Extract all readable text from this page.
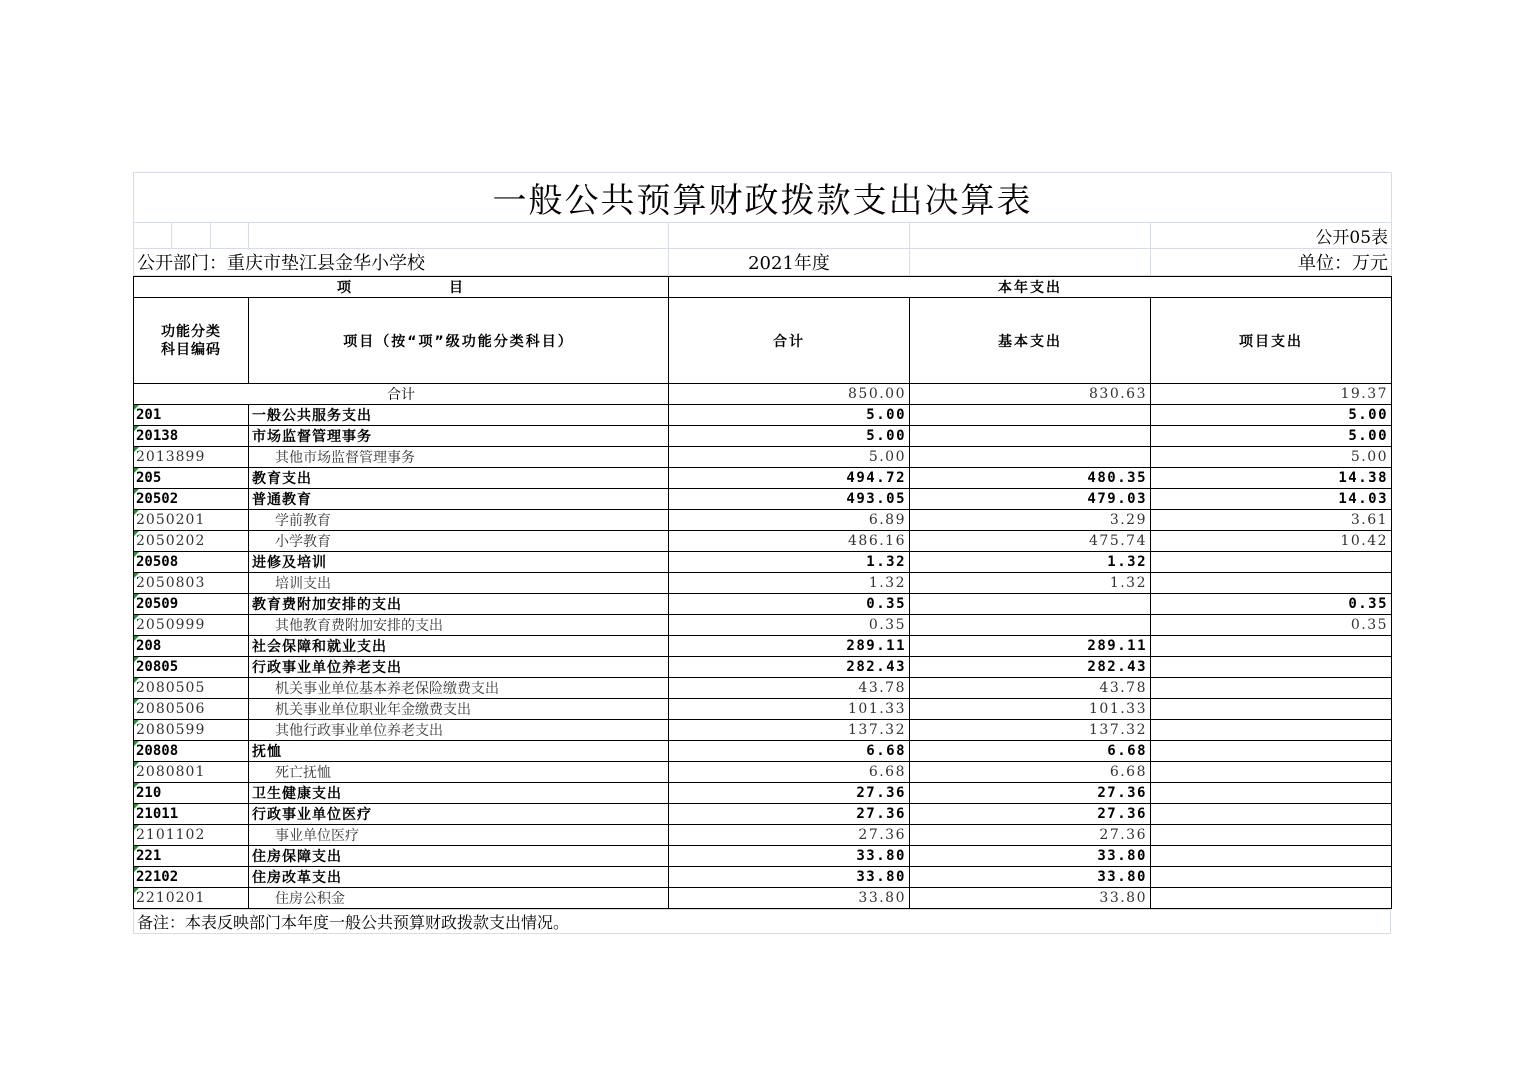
一般公共预算财政拨款支出决算表						
						公开05表
公开部门：重庆市垫江县金华小学校				2021年度		单位：万元
项　　　　　　目		本年支出		

功能分类
科目编码	项目（按“项”级功能分类科目）	合计	基本支出	项目支出
合计		850.00	830.63	19.37
201	一般公共服务支出	5.00		5.00
20138	市场监督管理事务	5.00		5.00
2013899	其他市场监督管理事务	5.00		5.00
205	教育支出	494.72	480.35	14.38
20502	普通教育	493.05	479.03	14.03
2050201	学前教育	6.89	3.29	3.61
2050202	小学教育	486.16	475.74	10.42
20508	进修及培训	1.32	1.32	
2050803	培训支出	1.32	1.32	
20509	教育费附加安排的支出	0.35		0.35
2050999	其他教育费附加安排的支出	0.35		0.35
208	社会保障和就业支出	289.11	289.11	
20805	行政事业单位养老支出	282.43	282.43	
2080505	机关事业单位基本养老保险缴费支出	43.78	43.78	
2080506	机关事业单位职业年金缴费支出	101.33	101.33	
2080599	其他行政事业单位养老支出	137.32	137.32	
20808	抚恤	6.68	6.68	
2080801	死亡抚恤	6.68	6.68	
210	卫生健康支出	27.36	27.36	
21011	行政事业单位医疗	27.36	27.36	
2101102	事业单位医疗	27.36	27.36	
221	住房保障支出	33.80	33.80	
22102	住房改革支出	33.80	33.80	
2210201	住房公积金	33.80	33.80	
备注：本表反映部门本年度一般公共预算财政拨款支出情况。
